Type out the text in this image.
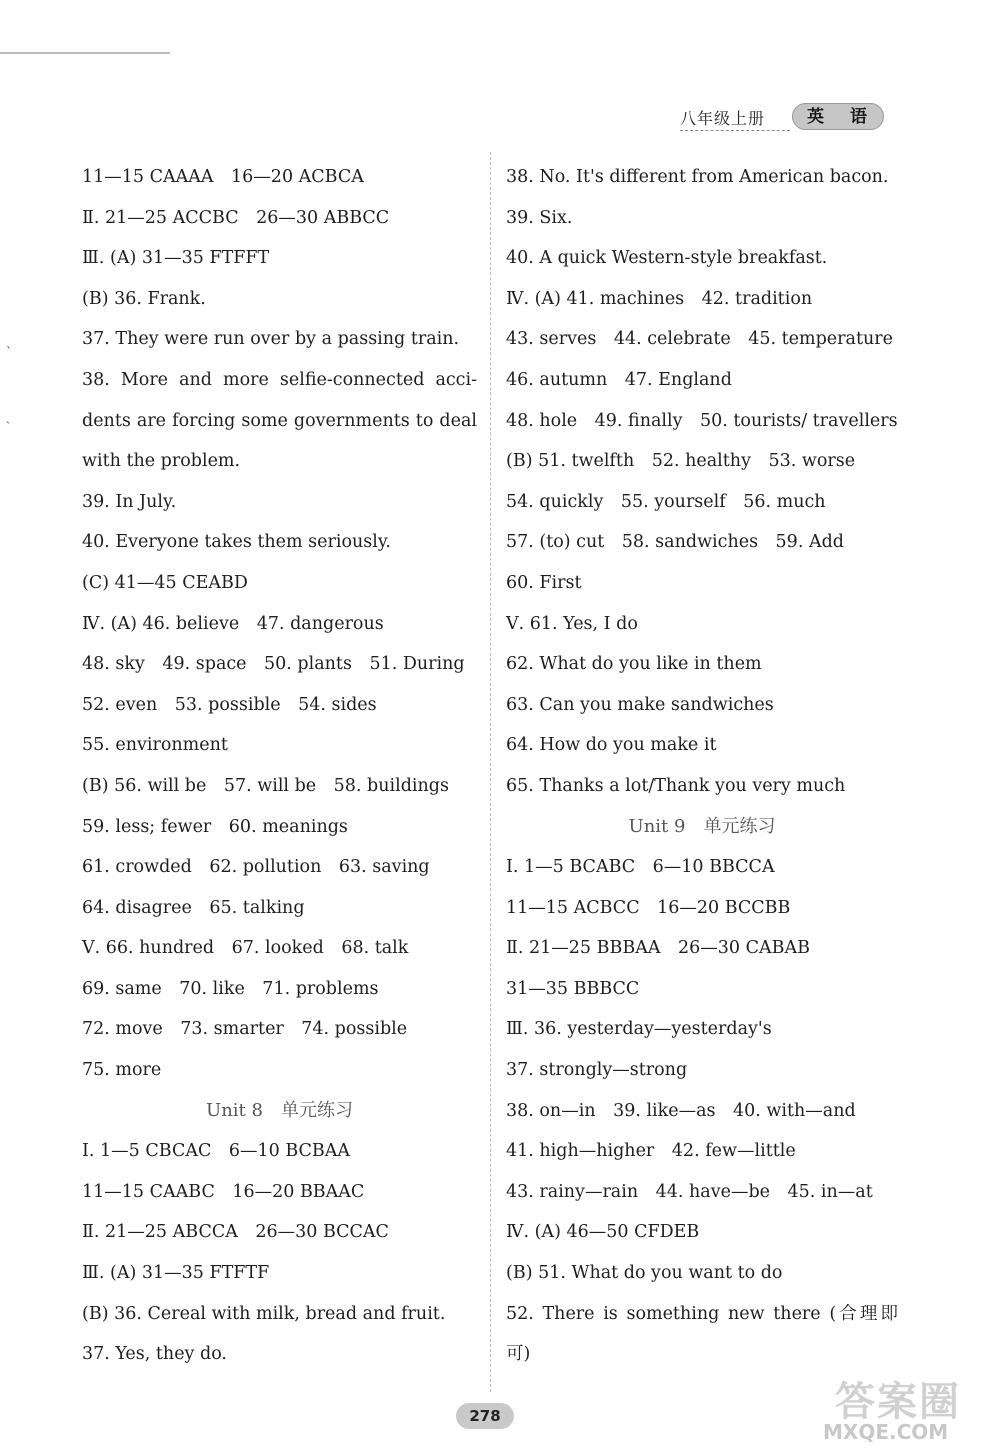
八年级上册	英 语
11—15 CAAAA　16—20 ACBCA
Ⅱ. 21—25 ACCBC　26—30 ABBCC
Ⅲ. (A) 31—35 FTFFT
(B) 36. Frank.
37. They were run over by a passing train.
38. More and more selfie-connected acci-
dents are forcing some governments to deal
with the problem.
39. In July.
40. Everyone takes them seriously.
(C) 41—45 CEABD
Ⅳ. (A) 46. believe　47. dangerous
48. sky　49. space　50. plants　51. During
52. even　53. possible　54. sides
55. environment
(B) 56. will be　57. will be　58. buildings
59. less; fewer　60. meanings
61. crowded　62. pollution　63. saving
64. disagree　65. talking
Ⅴ. 66. hundred　67. looked　68. talk
69. same　70. like　71. problems
72. move　73. smarter　74. possible
75. more
Unit 8　单元练习
Ⅰ. 1—5 CBCAC　6—10 BCBAA
11—15 CAABC　16—20 BBAAC
Ⅱ. 21—25 ABCCA　26—30 BCCAC
Ⅲ. (A) 31—35 FTFTF
(B) 36. Cereal with milk, bread and fruit.
37. Yes, they do.
38. No. It's different from American bacon.
39. Six.
40. A quick Western-style breakfast.
Ⅳ. (A) 41. machines　42. tradition
43. serves　44. celebrate　45. temperature
46. autumn　47. England
48. hole　49. finally　50. tourists/ travellers
(B) 51. twelfth　52. healthy　53. worse
54. quickly　55. yourself　56. much
57. (to) cut　58. sandwiches　59. Add
60. First
Ⅴ. 61. Yes, I do
62. What do you like in them
63. Can you make sandwiches
64. How do you make it
65. Thanks a lot/Thank you very much
Unit 9　单元练习
Ⅰ. 1—5 BCABC　6—10 BBCCA
11—15 ACBCC　16—20 BCCBB
Ⅱ. 21—25 BBBAA　26—30 CABAB
31—35 BBBCC
Ⅲ. 36. yesterday—yesterday's
37. strongly—strong
38. on—in　39. like—as　40. with—and
41. high—higher　42. few—little
43. rainy—rain　44. have—be　45. in—at
Ⅳ. (A) 46—50 CFDEB
(B) 51. What do you want to do
52. There is something new there (合理即
可)
ˋ
ˏ
278	答案圈
MXQE.COM
